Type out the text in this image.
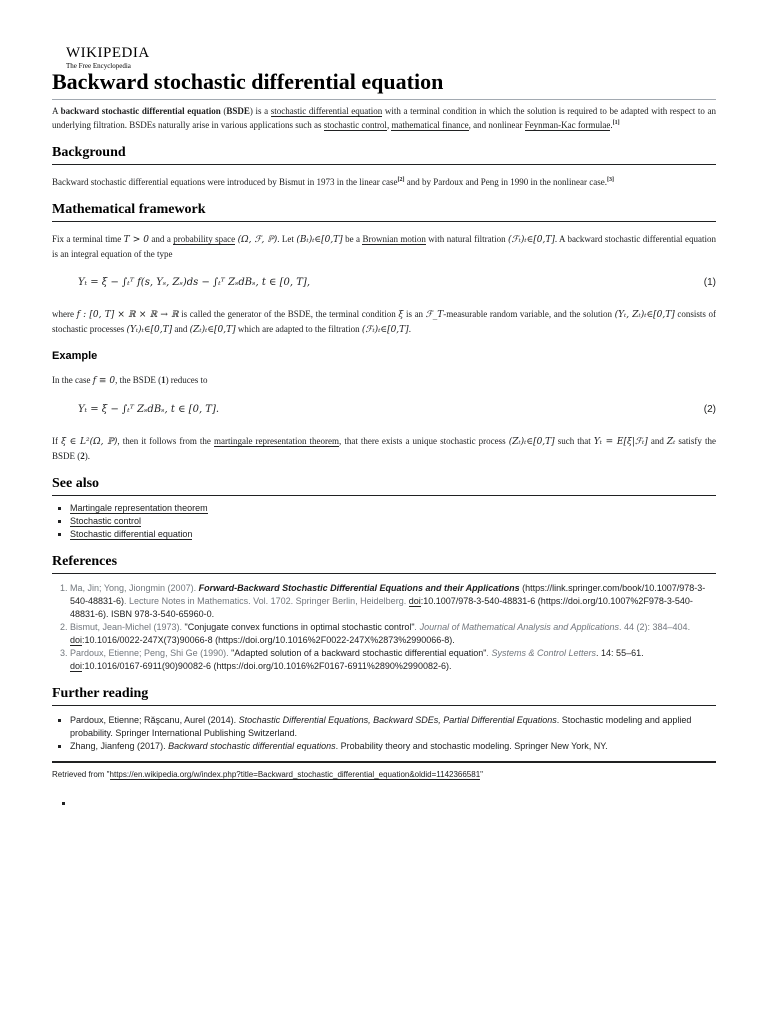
WIKIPEDIA
The Free Encyclopedia
Backward stochastic differential equation

A backward stochastic differential equation (BSDE) is a stochastic differential equation with a terminal condition in which the solution is required to be adapted with respect to an underlying filtration. BSDEs naturally arise in various applications such as stochastic control, mathematical finance, and nonlinear Feynman-Kac formulae.[1]

Background

Backward stochastic differential equations were introduced by Bismut in 1973 in the linear case[2] and by Pardoux and Peng in 1990 in the nonlinear case.[3]

Mathematical framework

Fix a terminal time T > 0 and a probability space (Ω, ℱ, ℙ). Let (Bₜ)ₜ∈[0,T] be a Brownian motion with natural filtration (ℱₜ)ₜ∈[0,T]. A backward stochastic differential equation is an integral equation of the type

Yₜ = ξ − ∫ₜᵀ f(s, Yₛ, Zₛ)ds − ∫ₜᵀ ZₛdBₛ, t ∈ [0, T],	(1)

where f : [0, T] × ℝ × ℝ → ℝ is called the generator of the BSDE, the terminal condition ξ is an ℱ_T-measurable random variable, and the solution (Yₜ, Zₜ)ₜ∈[0,T] consists of stochastic processes (Yₜ)ₜ∈[0,T] and (Zₜ)ₜ∈[0,T] which are adapted to the filtration (ℱₜ)ₜ∈[0,T].

Example

In the case f ≡ 0, the BSDE (1) reduces to

Yₜ = ξ − ∫ₜᵀ ZₛdBₛ, t ∈ [0, T].	(2)

If ξ ∈ L²(Ω, ℙ), then it follows from the martingale representation theorem, that there exists a unique stochastic process (Zₜ)ₜ∈[0,T] such that Yₜ = E[ξ|ℱₜ] and Zₜ satisfy the BSDE (2).

See also
Martingale representation theorem
Stochastic control
Stochastic differential equation
References
1. Ma, Jin; Yong, Jiongmin (2007). Forward-Backward Stochastic Differential Equations and their Applications (https://link.springer.com/book/10.1007/978-3-540-48831-6). Lecture Notes in Mathematics. Vol. 1702. Springer Berlin, Heidelberg. doi:10.1007/978-3-540-48831-6 (https://doi.org/10.1007%2F978-3-540-48831-6). ISBN 978-3-540-65960-0.
2. Bismut, Jean-Michel (1973). "Conjugate convex functions in optimal stochastic control". Journal of Mathematical Analysis and Applications. 44 (2): 384–404. doi:10.1016/0022-247X(73)90066-8 (https://doi.org/10.1016%2F0022-247X%2873%2990066-8).
3. Pardoux, Etienne; Peng, Shi Ge (1990). "Adapted solution of a backward stochastic differential equation". Systems & Control Letters. 14: 55–61. doi:10.1016/0167-6911(90)90082-6 (https://doi.org/10.1016%2F0167-6911%2890%2990082-6).
Further reading
Pardoux, Etienne; Răşcanu, Aurel (2014). Stochastic Differential Equations, Backward SDEs, Partial Differential Equations. Stochastic modeling and applied probability. Springer International Publishing Switzerland.
Zhang, Jianfeng (2017). Backward stochastic differential equations. Probability theory and stochastic modeling. Springer New York, NY.
Retrieved from "https://en.wikipedia.org/w/index.php?title=Backward_stochastic_differential_equation&oldid=1142366581"
